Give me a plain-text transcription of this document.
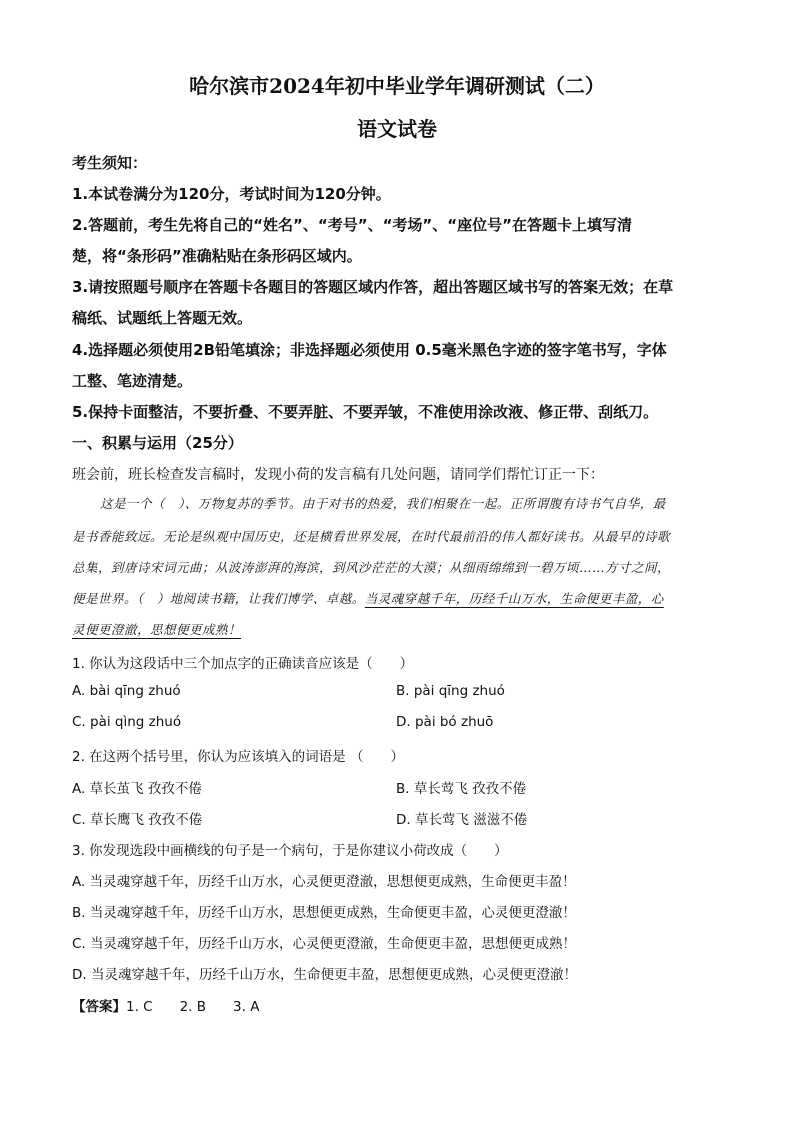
哈尔滨市2024年初中毕业学年调研测试（二）
语文试卷
考生须知：
1.本试卷满分为120分，考试时间为120分钟。
2.答题前，考生先将自己的“姓名”、“考号”、“考场”、“座位号”在答题卡上填写清
楚，将“条形码”准确粘贴在条形码区域内。
3.请按照题号顺序在答题卡各题目的答题区域内作答，超出答题区域书写的答案无效；在草
稿纸、试题纸上答题无效。
4.选择题必须使用2B铅笔填涂；非选择题必须使用 0.5毫米黑色字迹的签字笔书写，字体
工整、笔迹清楚。
5.保持卡面整洁，不要折叠、不要弄脏、不要弄皱，不准使用涂改液、修正带、刮纸刀。
一、积累与运用（25分）
班会前，班长检查发言稿时，发现小荷的发言稿有几处问题，请同学们帮忙订正一下：
这是一个（　）、万物复苏的季节。由于对书的热爱，我们相聚在一起。正所谓腹有诗书气自华，最
是书香能致远。无论是纵观中国历史，还是横看世界发展，在时代最前沿的伟人都好读书。从最早的诗歌
总集，到唐诗宋词元曲；从波涛澎湃的海滨，到风沙茫茫的大漠；从细雨绵绵到一碧万顷……方寸之间，
便是世界。（　）地阅读书籍，让我们博学、卓越。当灵魂穿越千年，历经千山万水，生命便更丰盈，心
灵便更澄澈，思想便更成熟！
1. 你认为这段话中三个加点字的正确读音应该是（　　）
A. bài qīng zhuó	B. pài qīng zhuó
C. pài qìng zhuó	D. pài bó zhuō
2. 在这两个括号里，你认为应该填入的词语是 （　　）
A. 草长茧飞 孜孜不倦	B. 草长莺飞 孜孜不倦
C. 草长鹰飞 孜孜不倦	D. 草长莺飞 滋滋不倦
3. 你发现选段中画横线的句子是一个病句，于是你建议小荷改成（　　）
A. 当灵魂穿越千年，历经千山万水，心灵便更澄澈，思想便更成熟，生命便更丰盈！
B. 当灵魂穿越千年，历经千山万水，思想便更成熟，生命便更丰盈，心灵便更澄澈！
C. 当灵魂穿越千年，历经千山万水，心灵便更澄澈，生命便更丰盈，思想便更成熟！
D. 当灵魂穿越千年，历经千山万水，生命便更丰盈，思想便更成熟，心灵便更澄澈！
【答案】1. C　　2. B　　3. A
